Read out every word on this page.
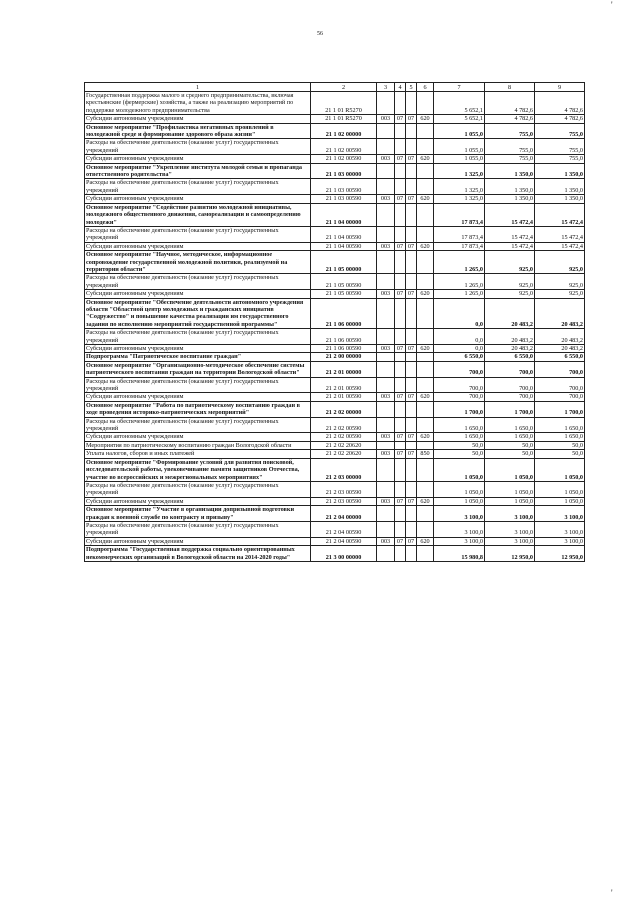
'
56
1	2	3	4	5	6	7	8	9
Государственная поддержка малого и среднего предпринимательства, включая крестьянские (фермерские) хозяйства, а также на реализацию мероприятий по поддержке молодежного предпринимательства	21 1 01 R5270					5 652,1	4 782,6	4 782,6
Субсидии автономным учреждениям	21 1 01 R5270	003	07	07	620	5 652,1	4 782,6	4 782,6
Основное мероприятие "Профилактика негативных проявлений в молодежной среде и формирование здорового образа жизни"	21 1 02 00000					1 055,0	755,0	755,0
Расходы на обеспечение деятельности (оказание услуг) государственных учреждений	21 1 02 00590					1 055,0	755,0	755,0
Субсидии автономным учреждениям	21 1 02 00590	003	07	07	620	1 055,0	755,0	755,0
Основное мероприятие "Укрепление института молодой семьи и пропаганда ответственного родительства"	21 1 03 00000					1 325,0	1 350,0	1 350,0
Расходы на обеспечение деятельности (оказание услуг) государственных учреждений	21 1 03 00590					1 325,0	1 350,0	1 350,0
Субсидии автономным учреждениям	21 1 03 00590	003	07	07	620	1 325,0	1 350,0	1 350,0
Основное мероприятие "Содействие развитию молодежной инициативы, молодежного общественного движения, самореализации и самоопределению молодежи"	21 1 04 00000					17 873,4	15 472,4	15 472,4
Расходы на обеспечение деятельности (оказание услуг) государственных учреждений	21 1 04 00590					17 873,4	15 472,4	15 472,4
Субсидии автономным учреждениям	21 1 04 00590	003	07	07	620	17 873,4	15 472,4	15 472,4
Основное мероприятие "Научное, методическое, информационное сопровождение государственной молодежной политики, реализуемой на территории области"	21 1 05 00000					1 265,0	925,0	925,0
Расходы на обеспечение деятельности (оказание услуг) государственных учреждений	21 1 05 00590					1 265,0	925,0	925,0
Субсидии автономным учреждениям	21 1 05 00590	003	07	07	620	1 265,0	925,0	925,0
Основное мероприятие "Обеспечение деятельности автономного учреждения области "Областной центр молодежных и гражданских инициатив "Содружество" и повышение качества реализации им государственного задания по исполнению мероприятий государственной программы"	21 1 06 00000					0,0	20 483,2	20 483,2
Расходы на обеспечение деятельности (оказание услуг) государственных учреждений	21 1 06 00590					0,0	20 483,2	20 483,2
Субсидии автономным учреждениям	21 1 06 00590	003	07	07	620	0,0	20 483,2	20 483,2
Подпрограмма "Патриотическое воспитание граждан"	21 2 00 00000					6 550,0	6 550,0	6 550,0
Основное мероприятие "Организационно-методическое обеспечение системы патриотического воспитания граждан на территории Вологодской области"	21 2 01 00000					700,0	700,0	700,0
Расходы на обеспечение деятельности (оказание услуг) государственных учреждений	21 2 01 00590					700,0	700,0	700,0
Субсидии автономным учреждениям	21 2 01 00590	003	07	07	620	700,0	700,0	700,0
Основное мероприятие "Работа по патриотическому воспитанию граждан в ходе проведения историко-патриотических мероприятий"	21 2 02 00000					1 700,0	1 700,0	1 700,0
Расходы на обеспечение деятельности (оказание услуг) государственных учреждений	21 2 02 00590					1 650,0	1 650,0	1 650,0
Субсидии автономным учреждениям	21 2 02 00590	003	07	07	620	1 650,0	1 650,0	1 650,0
Мероприятия по патриотическому воспитанию граждан Вологодской области	21 2 02 20620					50,0	50,0	50,0
Уплата налогов, сборов и иных платежей	21 2 02 20620	003	07	07	850	50,0	50,0	50,0
Основное мероприятие "Формирование условий для развития поисковой, исследовательской работы, увековечивание памяти защитников Отечества, участие во всероссийских и межрегиональных мероприятиях"	21 2 03 00000					1 050,0	1 050,0	1 050,0
Расходы на обеспечение деятельности (оказание услуг) государственных учреждений	21 2 03 00590					1 050,0	1 050,0	1 050,0
Субсидии автономным учреждениям	21 2 03 00590	003	07	07	620	1 050,0	1 050,0	1 050,0
Основное мероприятие "Участие в организации допризывной подготовки граждан к военной службе по контракту и призыву"	21 2 04 00000					3 100,0	3 100,0	3 100,0
Расходы на обеспечение деятельности (оказание услуг) государственных учреждений	21 2 04 00590					3 100,0	3 100,0	3 100,0
Субсидии автономным учреждениям	21 2 04 00590	003	07	07	620	3 100,0	3 100,0	3 100,0
Подпрограмма "Государственная поддержка социально ориентированных некоммерческих организаций в Вологодской области на 2014-2020 годы"	21 3 00 00000					15 980,8	12 950,0	12 950,0
'
